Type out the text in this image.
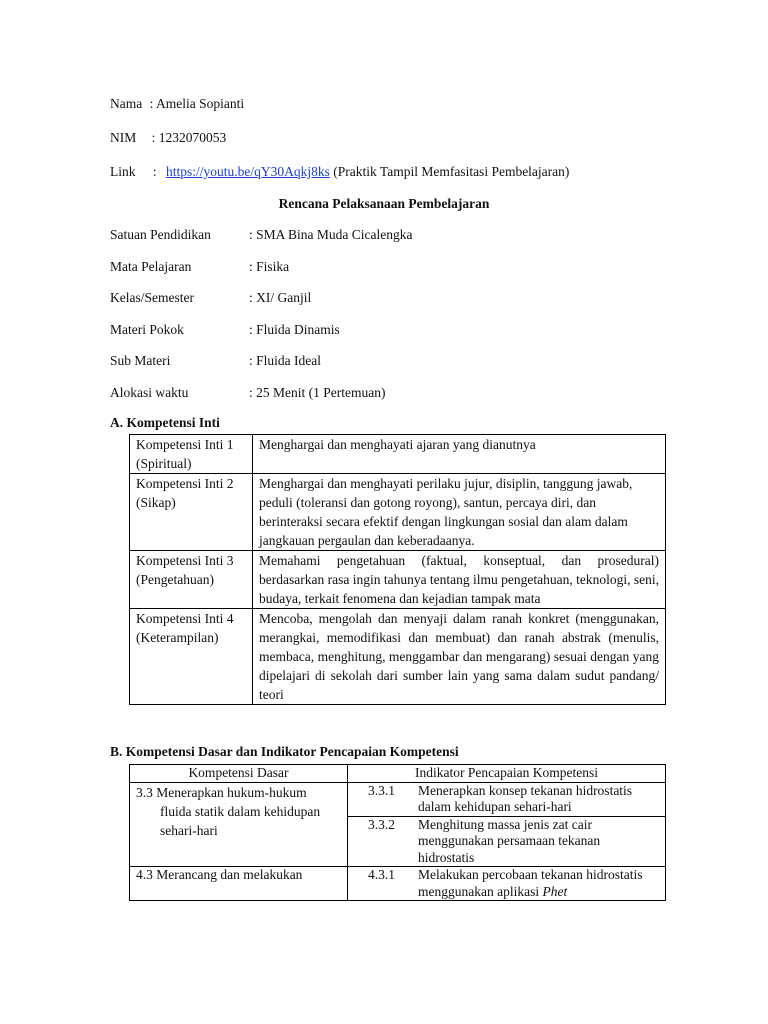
Nama : Amelia Sopianti
NIM : 1232070053
Link : https://youtu.be/qY30Aqkj8ks (Praktik Tampil Memfasitasi Pembelajaran)
Rencana Pelaksanaan Pembelajaran
Satuan Pendidikan	: SMA Bina Muda Cicalengka
Mata Pelajaran	: Fisika
Kelas/Semester	: XI/ Ganjil
Materi Pokok	: Fluida Dinamis
Sub Materi	: Fluida Ideal
Alokasi waktu	: 25 Menit (1 Pertemuan)
A. Kompetensi Inti
Kompetensi Inti 1 (Spiritual)	Menghargai dan menghayati ajaran yang dianutnya
Kompetensi Inti 2 (Sikap)	Menghargai dan menghayati perilaku jujur, disiplin, tanggung jawab, peduli (toleransi dan gotong royong), santun, percaya diri, dan berinteraksi secara efektif dengan lingkungan sosial dan alam dalam jangkauan pergaulan dan keberadaanya.
Kompetensi Inti 3 (Pengetahuan)	Memahami pengetahuan (faktual, konseptual, dan prosedural) berdasarkan rasa ingin tahunya tentang ilmu pengetahuan, teknologi, seni, budaya, terkait fenomena dan kejadian tampak mata
Kompetensi Inti 4 (Keterampilan)	Mencoba, mengolah dan menyaji dalam ranah konkret (menggunakan, merangkai, memodifikasi dan membuat) dan ranah abstrak (menulis, membaca, menghitung, menggambar dan mengarang) sesuai dengan yang dipelajari di sekolah dari sumber lain yang sama dalam sudut pandang/ teori
B. Kompetensi Dasar dan Indikator Pencapaian Kompetensi
Kompetensi Dasar	Indikator Pencapaian Kompetensi

3.3 Menerapkan hukum-hukum fluida statik dalam kehidupan sehari-hari	3.3.1 Menerapkan konsep tekanan hidrostatis dalam kehidupan sehari-hari
	3.3.2 Menghitung massa jenis zat cair menggunakan persamaan tekanan hidrostatis
4.3 Merancang dan melakukan	4.3.1 Melakukan percobaan tekanan hidrostatis menggunakan aplikasi Phet
